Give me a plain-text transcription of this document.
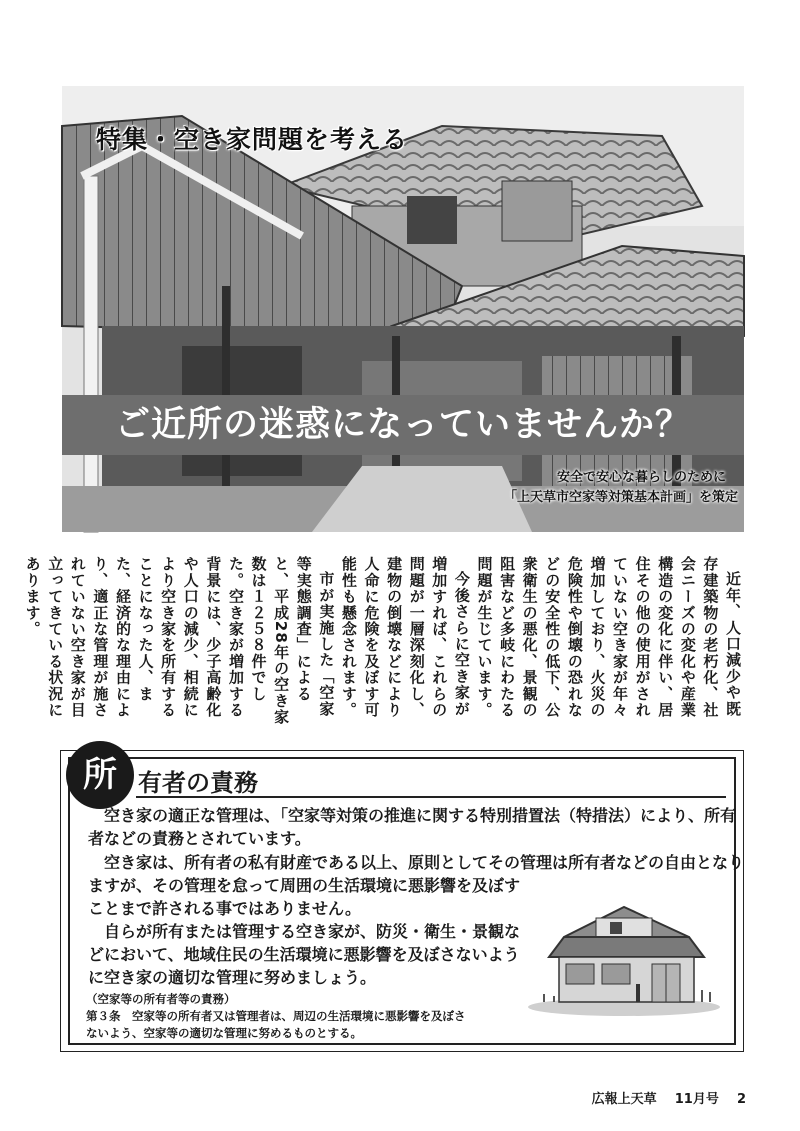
特集・空き家問題を考える
ご近所の迷惑になっていませんか？
安全で安心な暮らしのために
「上天草市空家等対策基本計画」を策定

近年、人口減少や既存建築物の老朽化、社会ニーズの変化や産業構造の変化に伴い、居住その他の使用がされていない空き家が年々増加しており、火災の危険性や倒壊の恐れなどの安全性の低下、公衆衛生の悪化、景観の阻害など多岐にわたる問題が生じています。

今後さらに空き家が増加すれば、これらの問題が一層深刻化し、建物の倒壊などにより人命に危険を及ぼす可能性も懸念されます。

市が実施した「空家等実態調査」によると、平成28年の空き家数は１２５８件でした。空き家が増加する背景には、少子高齢化や人口の減少、相続により空き家を所有することになった人、また、経済的な理由により、適正な管理が施されていない空き家が目立ってきている状況にあります。

所 有者の責務

空き家の適正な管理は、「空家等対策の推進に関する特別措置法（特措法）により、所有

者などの責務とされています。

空き家は、所有者の私有財産である以上、原則としてその管理は所有者などの自由となり

ますが、その管理を怠って周囲の生活環境に悪影響を及ぼす

ことまで許される事ではありません。

自らが所有または管理する空き家が、防災・衛生・景観な

どにおいて、地域住民の生活環境に悪影響を及ぼさないよう

に空き家の適切な管理に努めましょう。

（空家等の所有者等の責務）
第３条　空家等の所有者又は管理者は、周辺の生活環境に悪影響を及ぼさ
ないよう、空家等の適切な管理に努めるものとする。
広報上天草 11月号 2
